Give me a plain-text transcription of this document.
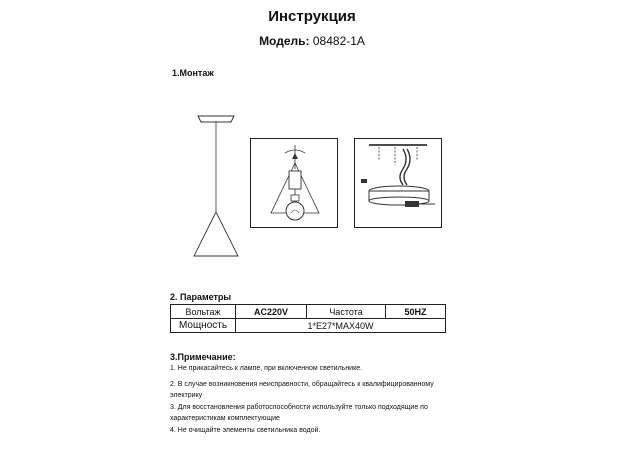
Инструкция
Модель: 08482-1A
1.Монтаж
2. Параметры
Вольтаж	AC220V	Частота	50HZ
Мощность	1*E27*MAX40W		
3.Примечание:

1. Не прикасайтесь к лампе, при включенном светильнике.

2. В случае возникновения неисправности, обращайтесь к квалифицированному электрику

3. Для восстановления работоспособности используйте только подходящие по характеристикам комплектующие

4. Не очищайте элементы светильника водой.
